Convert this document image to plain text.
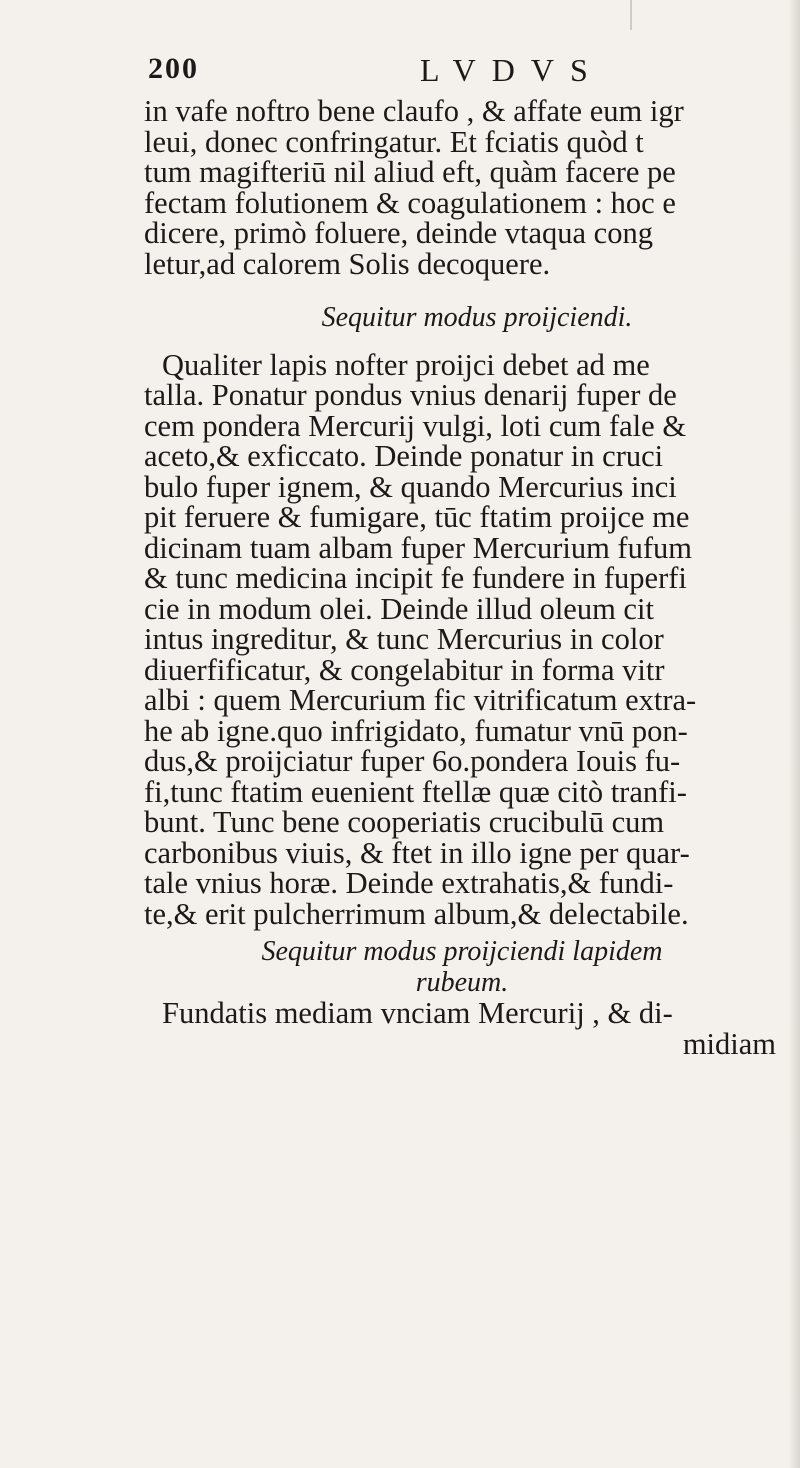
200	LVDVS
in vafe noftro bene claufo , & affate eum igr
leui, donec confringatur. Et fciatis quòd t
tum magifteriū nil aliud eft, quàm facere pe
fectam folutionem & coagulationem : hoc e
dicere, primò foluere, deinde vtaqua cong
letur,ad calorem Solis decoquere.
Sequitur modus proijciendi.
Qualiter lapis nofter proijci debet ad me
talla. Ponatur pondus vnius denarij fuper de
cem pondera Mercurij vulgi, loti cum fale &
aceto,& exficcato. Deinde ponatur in cruci
bulo fuper ignem, & quando Mercurius inci
pit feruere & fumigare, tūc ftatim proijce me
dicinam tuam albam fuper Mercurium fufum
& tunc medicina incipit fe fundere in fuperfi
cie in modum olei. Deinde illud oleum cit
intus ingreditur, & tunc Mercurius in color
diuerfificatur, & congelabitur in forma vitr
albi : quem Mercurium fic vitrificatum extra-
he ab igne.quo infrigidato, fumatur vnū pon-
dus,& proijciatur fuper 6o.pondera Iouis fu-
fi,tunc ftatim euenient ftellæ quæ citò tranfi-
bunt. Tunc bene cooperiatis crucibulū cum
carbonibus viuis, & ftet in illo igne per quar-
tale vnius horæ. Deinde extrahatis,& fundi-
te,& erit pulcherrimum album,& delectabile.
Sequitur modus proijciendi lapidem
rubeum.
Fundatis mediam vnciam Mercurij , & di-
midiam
